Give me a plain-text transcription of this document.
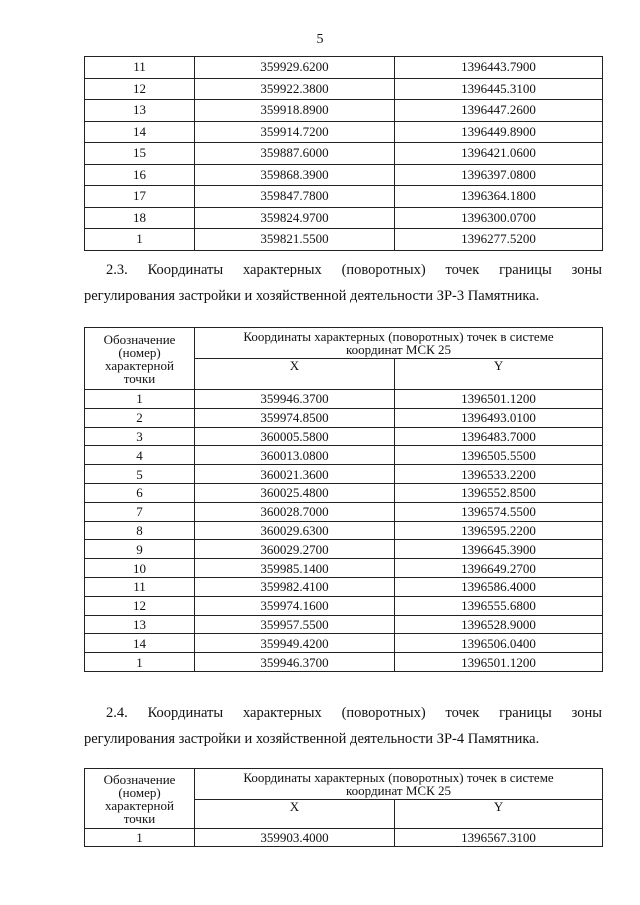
5
11	359929.6200	1396443.7900
12	359922.3800	1396445.3100
13	359918.8900	1396447.2600
14	359914.7200	1396449.8900
15	359887.6000	1396421.0600
16	359868.3900	1396397.0800
17	359847.7800	1396364.1800
18	359824.9700	1396300.0700
1	359821.5500	1396277.5200

2.3. Координаты характерных (поворотных) точек границы зоны

регулирования застройки и хозяйственной деятельности ЗР-3 Памятника.

Обозначение (номер) характерной точки	Координаты характерных (поворотных) точек в системе координат МСК 25	
	X	Y
1	359946.3700	1396501.1200
2	359974.8500	1396493.0100
3	360005.5800	1396483.7000
4	360013.0800	1396505.5500
5	360021.3600	1396533.2200
6	360025.4800	1396552.8500
7	360028.7000	1396574.5500
8	360029.6300	1396595.2200
9	360029.2700	1396645.3900
10	359985.1400	1396649.2700
11	359982.4100	1396586.4000
12	359974.1600	1396555.6800
13	359957.5500	1396528.9000
14	359949.4200	1396506.0400
1	359946.3700	1396501.1200

2.4. Координаты характерных (поворотных) точек границы зоны

регулирования застройки и хозяйственной деятельности ЗР-4 Памятника.

Обозначение (номер) характерной точки	Координаты характерных (поворотных) точек в системе координат МСК 25	
	X	Y
1	359903.4000	1396567.3100
